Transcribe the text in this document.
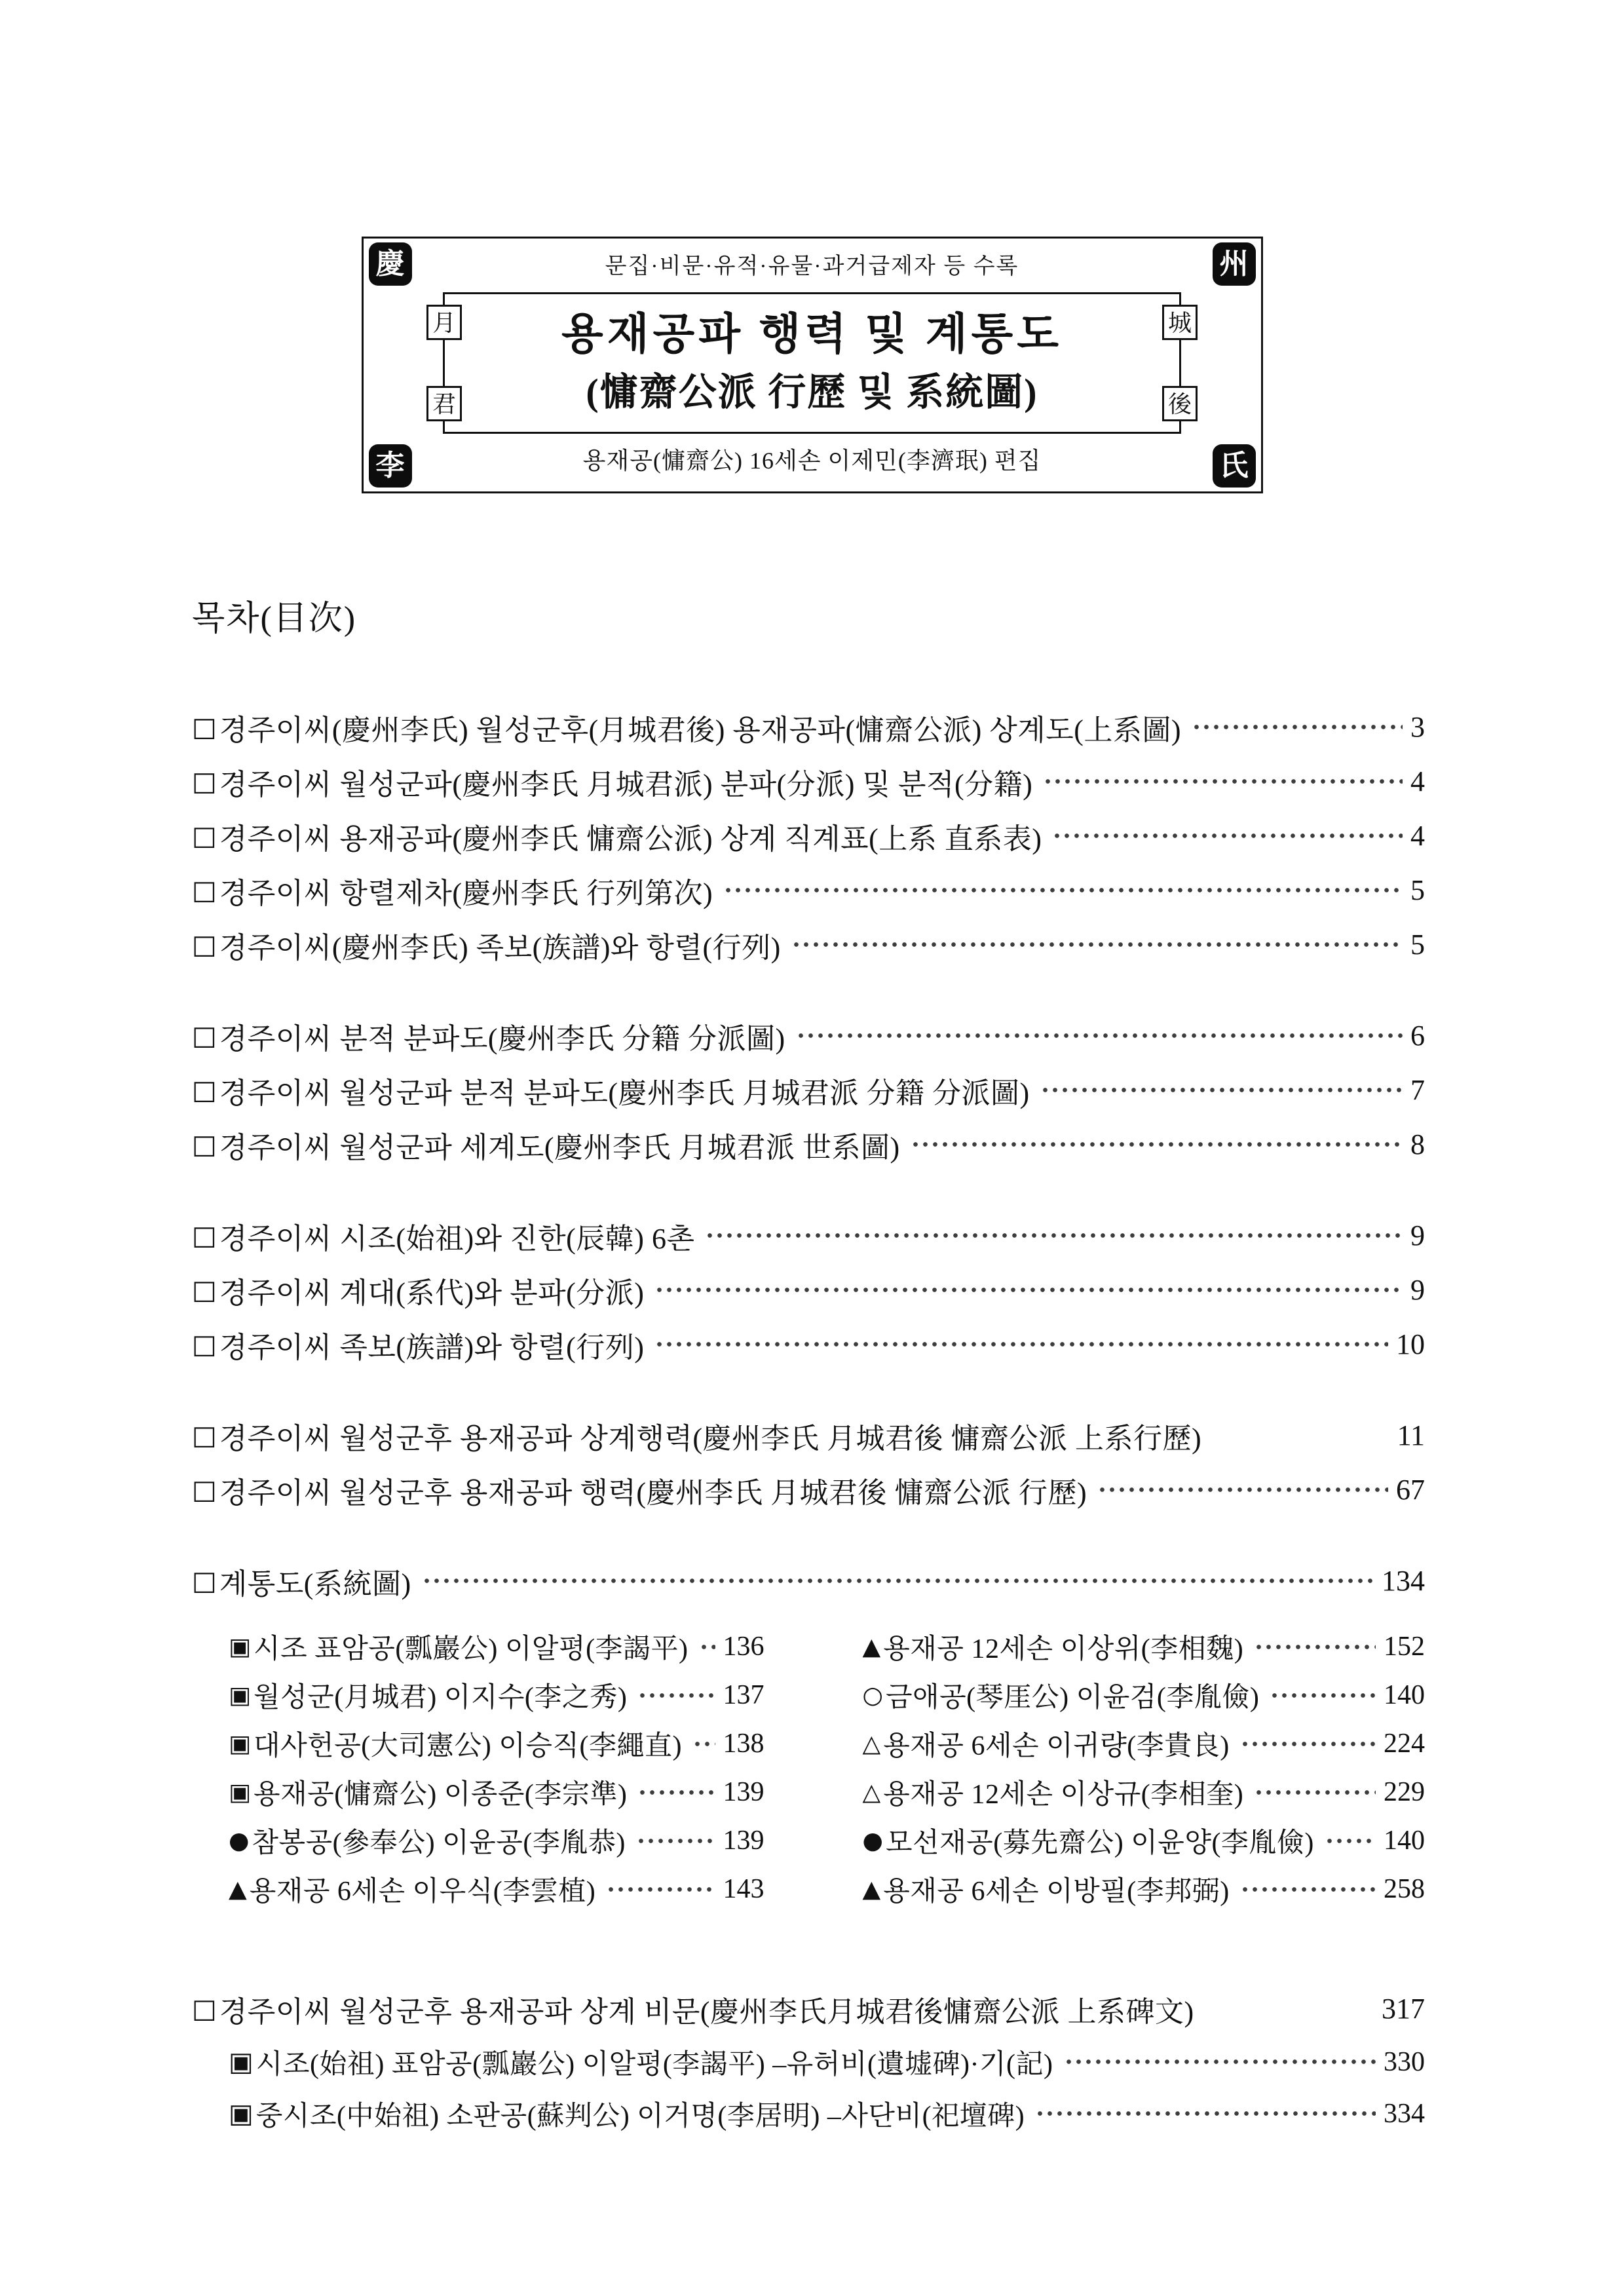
慶	州
李	氏
문집·비문·유적·유물·과거급제자 등 수록
月
君
城
後
용재공파 행력 및 계통도
(慵齋公派 行歷 및 系統圖)
용재공(慵齋公) 16세손 이제민(李濟珉) 편집
목차(目次)
□ 경주이씨(慶州李氏) 월성군후(月城君後) 용재공파(慵齋公派) 상계도(上系圖)	3
□ 경주이씨 월성군파(慶州李氏 月城君派) 분파(分派) 및 분적(分籍)	4
□ 경주이씨 용재공파(慶州李氏 慵齋公派) 상계 직계표(上系 直系表)	4
□ 경주이씨 항렬제차(慶州李氏 行列第次)	5
□ 경주이씨(慶州李氏) 족보(族譜)와 항렬(行列)	5
□ 경주이씨 분적 분파도(慶州李氏 分籍 分派圖)	6
□ 경주이씨 월성군파 분적 분파도(慶州李氏 月城君派 分籍 分派圖)	7
□ 경주이씨 월성군파 세계도(慶州李氏 月城君派 世系圖)	8
□ 경주이씨 시조(始祖)와 진한(辰韓) 6촌	9
□ 경주이씨 계대(系代)와 분파(分派)	9
□ 경주이씨 족보(族譜)와 항렬(行列)	10
□ 경주이씨 월성군후 용재공파 상계행력(慶州李氏 月城君後 慵齋公派 上系行歷)	11
□ 경주이씨 월성군후 용재공파 행력(慶州李氏 月城君後 慵齋公派 行歷)	67
□ 계통도(系統圖)	134
▣ 시조 표암공(瓢巖公) 이알평(李謁平) 136
▣ 월성군(月城君) 이지수(李之秀)	137
▣ 대사헌공(大司憲公) 이승직(李繩直) 138
▣ 용재공(慵齋公) 이종준(李宗準)	139
● 참봉공(參奉公) 이윤공(李胤恭)	139
▲ 용재공 6세손 이우식(李雲植)	143
▲ 용재공 12세손 이상위(李相魏)	152
○ 금애공(琴厓公) 이윤검(李胤儉)	140
△ 용재공 6세손 이귀량(李貴良)	224
△ 용재공 12세손 이상규(李相奎)	229
● 모선재공(募先齋公) 이윤양(李胤儉)	140
▲ 용재공 6세손 이방필(李邦弼)	258
□ 경주이씨 월성군후 용재공파 상계 비문(慶州李氏月城君後慵齋公派 上系碑文)	317
▣ 시조(始祖) 표암공(瓢巖公) 이알평(李謁平) –유허비(遺墟碑)·기(記)	330
▣ 중시조(中始祖) 소판공(蘇判公) 이거명(李居明) –사단비(祀壇碑)	334
